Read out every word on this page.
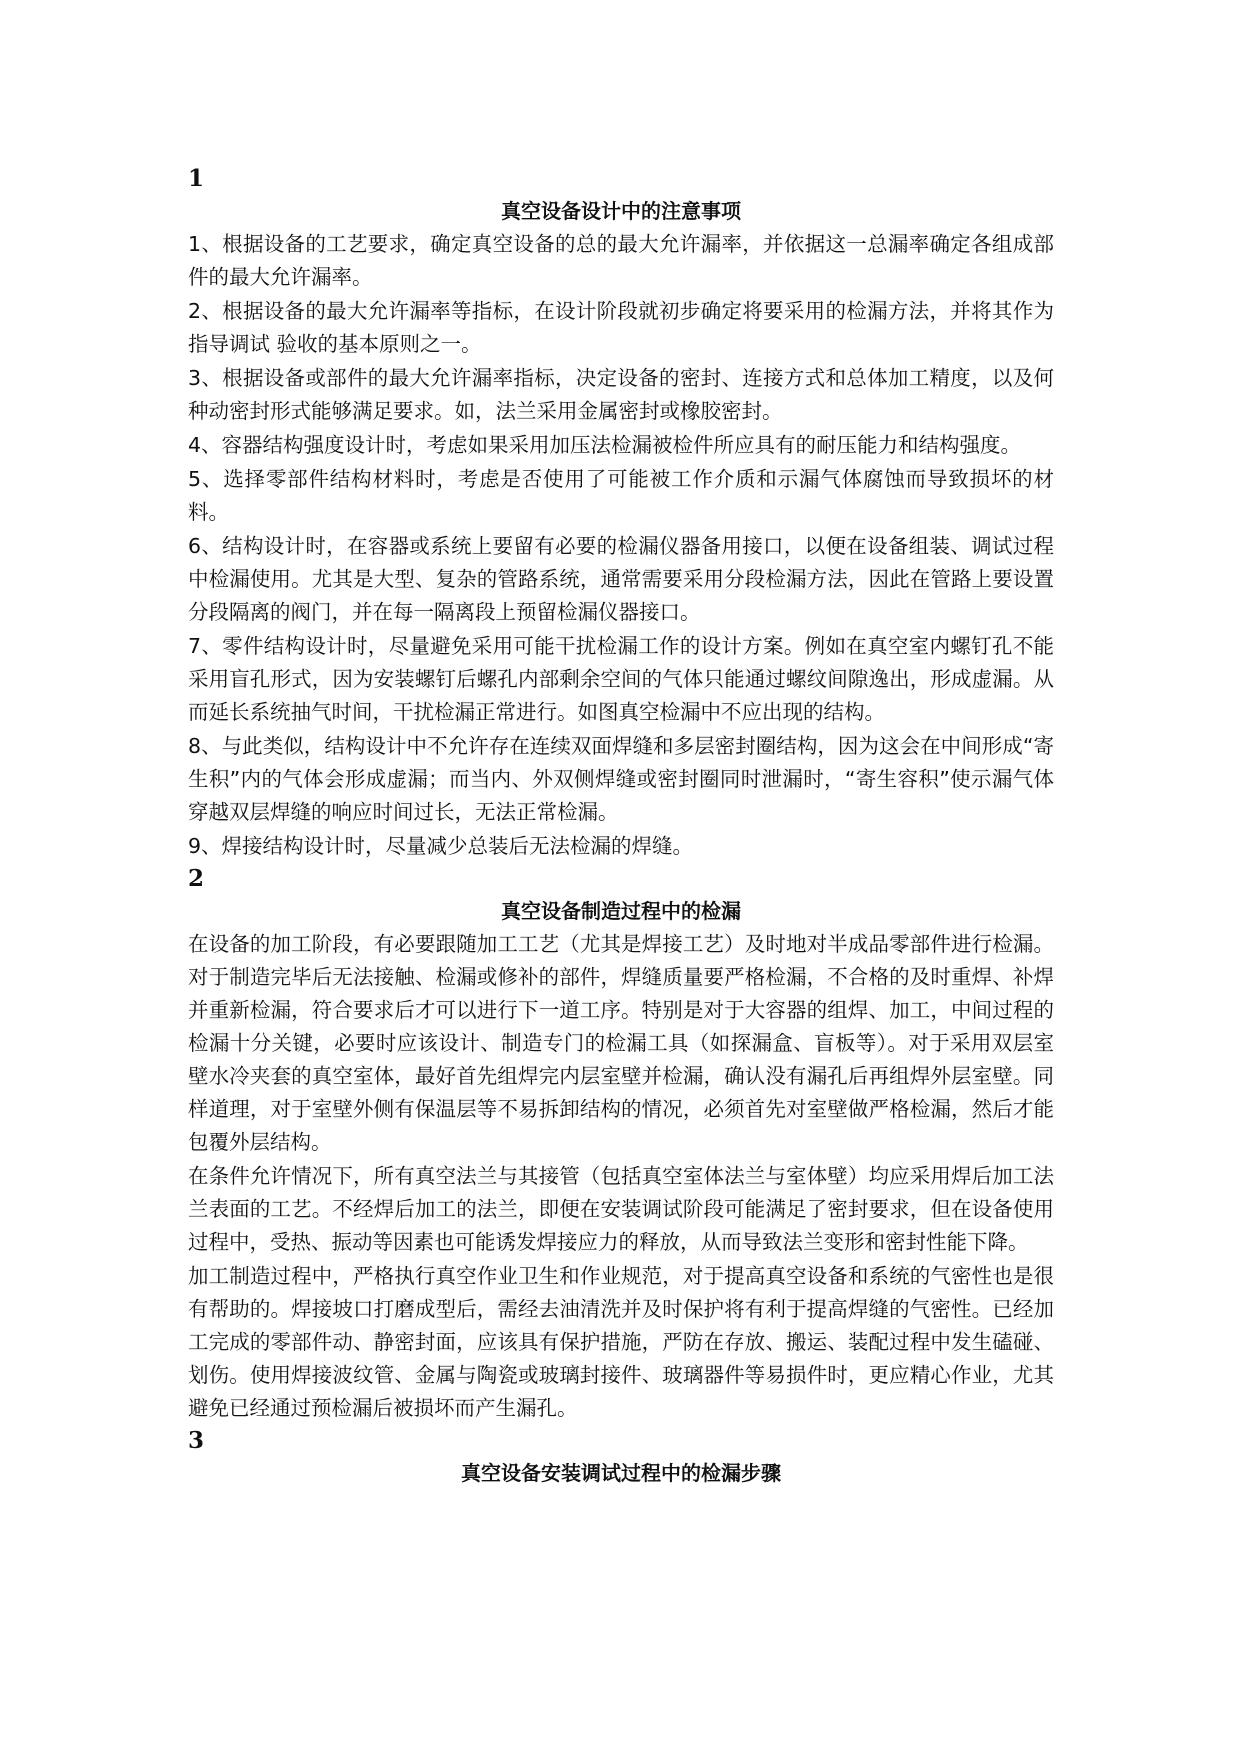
1
真空设备设计中的注意事项

1、根据设备的工艺要求，确定真空设备的总的最大允许漏率，并依据这一总漏率确定各组成部件的最大允许漏率。

2、根据设备的最大允许漏率等指标，在设计阶段就初步确定将要采用的检漏方法，并将其作为指导调试 验收的基本原则之一。

3、根据设备或部件的最大允许漏率指标，决定设备的密封、连接方式和总体加工精度，以及何种动密封形式能够满足要求。如，法兰采用金属密封或橡胶密封。

4、容器结构强度设计时，考虑如果采用加压法检漏被检件所应具有的耐压能力和结构强度。

5、选择零部件结构材料时，考虑是否使用了可能被工作介质和示漏气体腐蚀而导致损坏的材料。

6、结构设计时，在容器或系统上要留有必要的检漏仪器备用接口，以便在设备组装、调试过程中检漏使用。尤其是大型、复杂的管路系统，通常需要采用分段检漏方法，因此在管路上要设置分段隔离的阀门，并在每一隔离段上预留检漏仪器接口。

7、零件结构设计时，尽量避免采用可能干扰检漏工作的设计方案。例如在真空室内螺钉孔不能采用盲孔形式，因为安装螺钉后螺孔内部剩余空间的气体只能通过螺纹间隙逸出，形成虚漏。从而延长系统抽气时间，干扰检漏正常进行。如图真空检漏中不应出现的结构。

8、与此类似，结构设计中不允许存在连续双面焊缝和多层密封圈结构，因为这会在中间形成“寄生积”内的气体会形成虚漏；而当内、外双侧焊缝或密封圈同时泄漏时，“寄生容积”使示漏气体穿越双层焊缝的响应时间过长，无法正常检漏。

9、焊接结构设计时，尽量减少总装后无法检漏的焊缝。

2
真空设备制造过程中的检漏

在设备的加工阶段，有必要跟随加工工艺（尤其是焊接工艺）及时地对半成品零部件进行检漏。对于制造完毕后无法接触、检漏或修补的部件，焊缝质量要严格检漏，不合格的及时重焊、补焊并重新检漏，符合要求后才可以进行下一道工序。特别是对于大容器的组焊、加工，中间过程的检漏十分关键，必要时应该设计、制造专门的检漏工具（如探漏盒、盲板等）。对于采用双层室壁水冷夹套的真空室体，最好首先组焊完内层室壁并检漏，确认没有漏孔后再组焊外层室壁。同样道理，对于室壁外侧有保温层等不易拆卸结构的情况，必须首先对室壁做严格检漏，然后才能包覆外层结构。

在条件允许情况下，所有真空法兰与其接管（包括真空室体法兰与室体壁）均应采用焊后加工法兰表面的工艺。不经焊后加工的法兰，即便在安装调试阶段可能满足了密封要求，但在设备使用过程中，受热、振动等因素也可能诱发焊接应力的释放，从而导致法兰变形和密封性能下降。

加工制造过程中，严格执行真空作业卫生和作业规范，对于提高真空设备和系统的气密性也是很有帮助的。焊接坡口打磨成型后，需经去油清洗并及时保护将有利于提高焊缝的气密性。已经加工完成的零部件动、静密封面，应该具有保护措施，严防在存放、搬运、装配过程中发生磕碰、划伤。使用焊接波纹管、金属与陶瓷或玻璃封接件、玻璃器件等易损件时，更应精心作业，尤其避免已经通过预检漏后被损坏而产生漏孔。

3
真空设备安装调试过程中的检漏步骤
